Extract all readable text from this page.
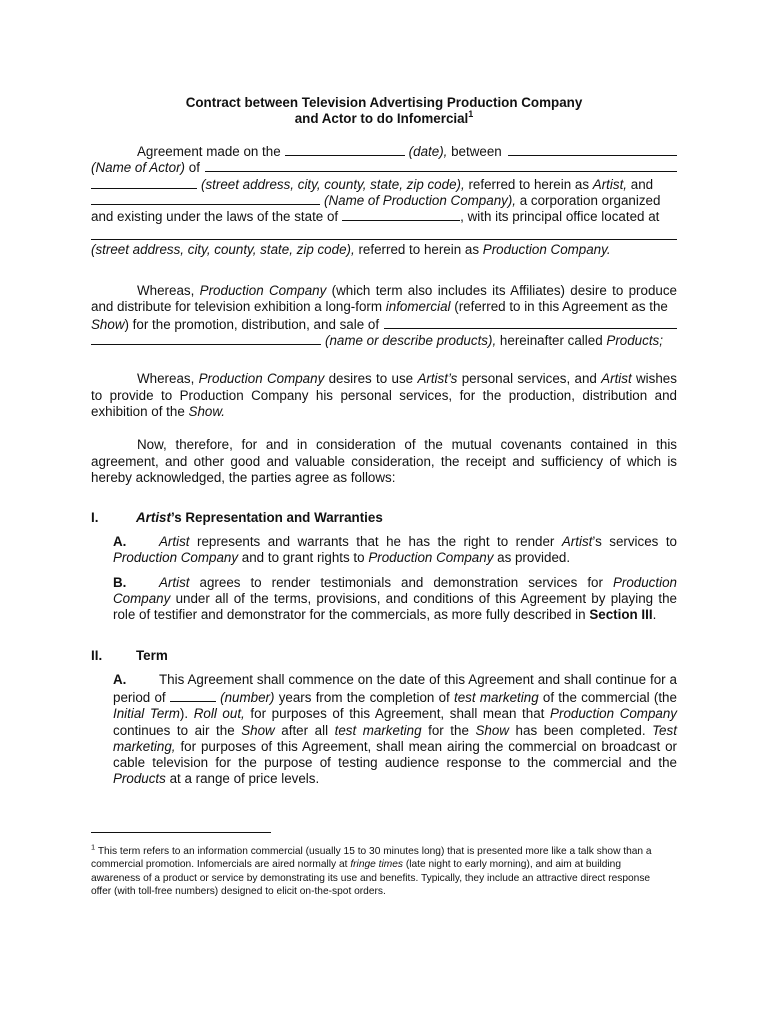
Contract between Television Advertising Production Company
and Actor to do Infomercial$^1$
Agreement made on the	(date),
between
(Name of Actor)
of
(street address, city, county, state, zip code),
referred to herein as
Artist,
and
(Name of Production Company),
a corporation organized
and existing under the laws of the state of	, with its principal office located at
(street address, city, county, state, zip code), referred to herein as Production Company.

Whereas, Production Company (which term also includes its Affiliates) desire to produce and distribute for television exhibition a long-form infomercial (referred to in this Agreement as the

Show ) for the promotion, distribution, and sale of
(name or describe products),
hereinafter called
Products ;

Whereas, Production Company desires to use Artist’s personal services, and Artist wishes to provide to Production Company his personal services, for the production, distribution and exhibition of the Show.

Now, therefore, for and in consideration of the mutual covenants contained in this agreement, and other good and valuable consideration, the receipt and sufficiency of which is hereby acknowledged, the parties agree as follows:

I.	Artist’s Representation and Warranties

A. Artist represents and warrants that he has the right to render Artist’s services to Production Company and to grant rights to Production Company as provided.

B. Artist agrees to render testimonials and demonstration services for Production Company under all of the terms, provisions, and conditions of this Agreement by playing the role of testifier and demonstrator for the commercials, as more fully described in Section III.

II.	Term

A. This Agreement shall commence on the date of this Agreement and shall continue for a period of	(number) years from the completion of test marketing of the commercial (the Initial Term). Roll out, for purposes of this Agreement, shall mean that Production Company continues to air the Show after all test marketing for the Show has been completed. Test marketing, for purposes of this Agreement, shall mean airing the commercial on broadcast or cable television for the purpose of testing audience response to the commercial and the Products at a range of price levels.

$^1$ This term refers to an information commercial (usually 15 to 30 minutes long) that is presented more like a talk show than a commercial promotion. Infomercials are aired normally at fringe times (late night to early morning), and aim at building awareness of a product or service by demonstrating its use and benefits. Typically, they include an attractive direct response offer (with toll-free numbers) designed to elicit on-the-spot orders.
